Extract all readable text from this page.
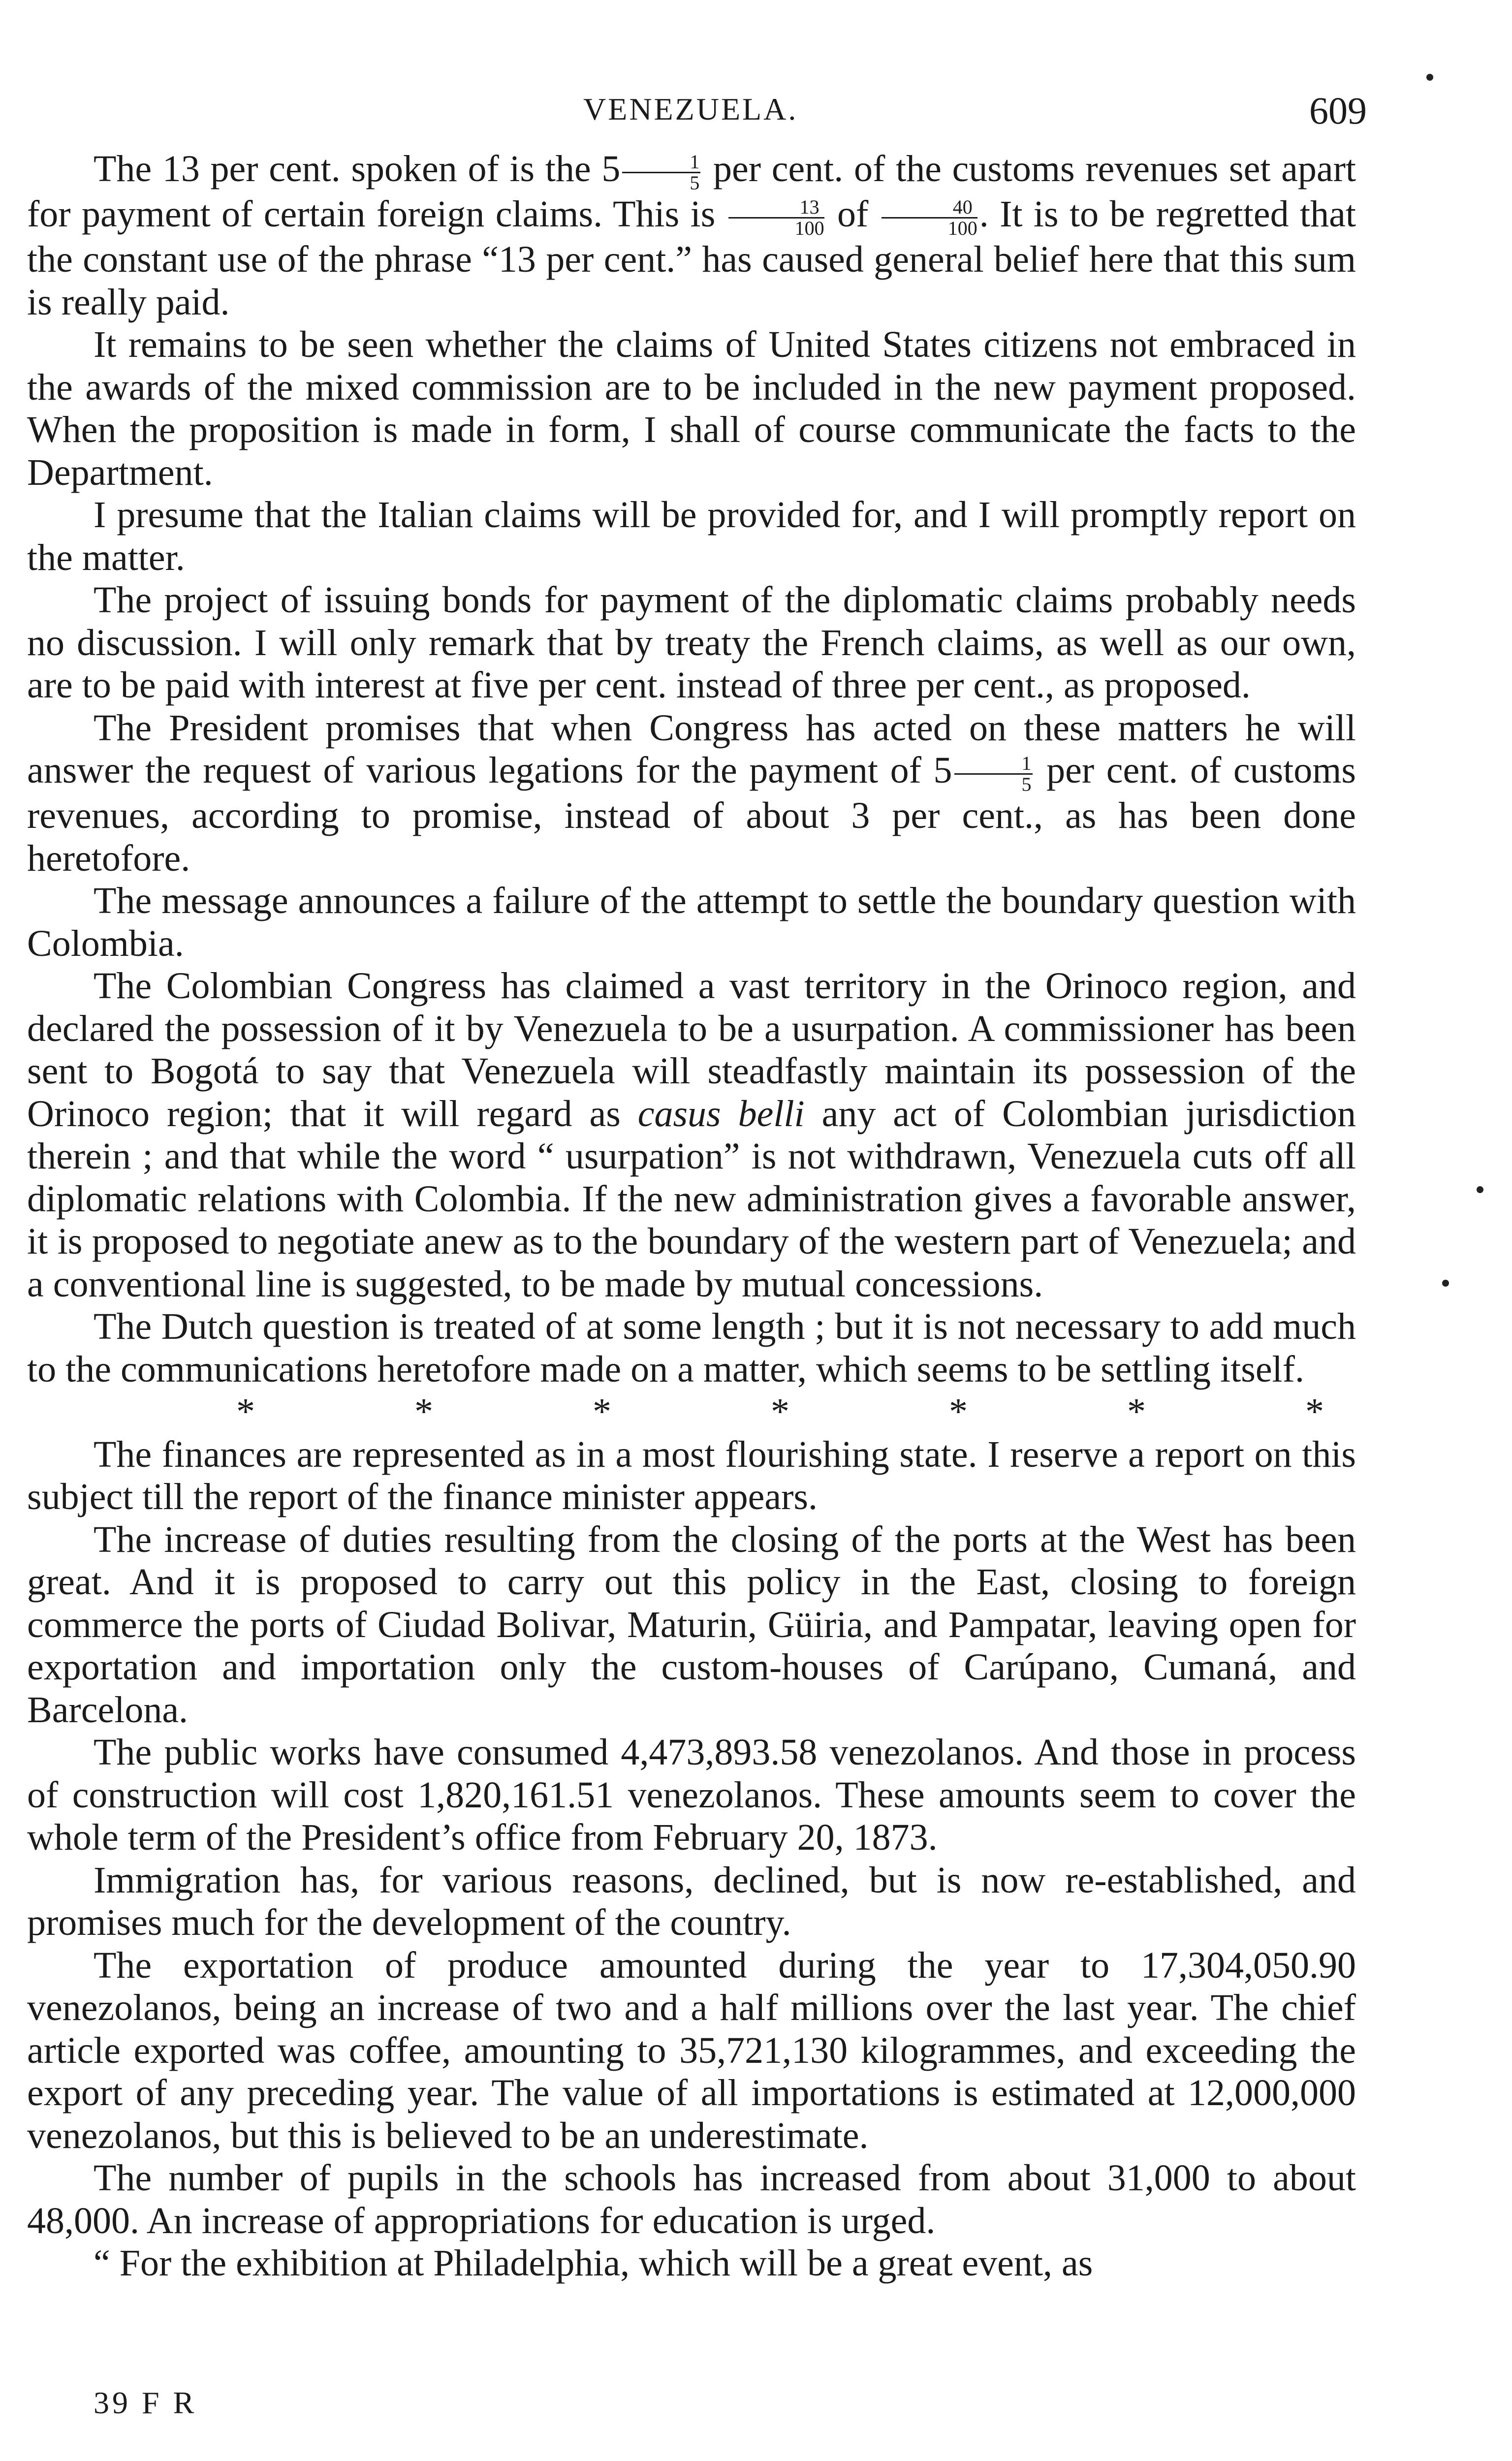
VENEZUELA.	609

The 13 per cent. spoken of is the $5 \frac{1}{5}$ per cent. of the customs revenues set apart for payment of certain foreign claims. This is $\frac{13}{100}$ of $\frac{40}{100}$ . It is to be regretted that the constant use of the phrase “13 per cent.” has caused general belief here that this sum is really paid.

It remains to be seen whether the claims of United States citizens not embraced in the awards of the mixed commission are to be included in the new payment proposed. When the proposition is made in form, I shall of course communicate the facts to the Department.

I presume that the Italian claims will be provided for, and I will promptly report on the matter.

The project of issuing bonds for payment of the diplomatic claims probably needs no discussion. I will only remark that by treaty the French claims, as well as our own, are to be paid with interest at five per cent. instead of three per cent., as proposed.

The President promises that when Congress has acted on these matters he will answer the request of various legations for the payment of $5 \frac{1}{5}$ per cent. of customs revenues, according to promise, instead of about 3 per cent., as has been done heretofore.

The message announces a failure of the attempt to settle the boundary question with Colombia.

The Colombian Congress has claimed a vast territory in the Orinoco region, and declared the possession of it by Venezuela to be a usurpation. A commissioner has been sent to Bogotá to say that Venezuela will steadfastly maintain its possession of the Orinoco region; that it will regard as casus belli any act of Colombian jurisdiction therein ; and that while the word “ usurpation” is not withdrawn, Venezuela cuts off all diplomatic relations with Colombia. If the new administration gives a favorable answer, it is proposed to negotiate anew as to the boundary of the western part of Venezuela; and a conventional line is suggested, to be made by mutual concessions.

The Dutch question is treated of at some length ; but it is not necessary to add much to the communications heretofore made on a matter, which seems to be settling itself.

*	*	*	*	*	*	*

The finances are represented as in a most flourishing state. I reserve a report on this subject till the report of the finance minister appears.

The increase of duties resulting from the closing of the ports at the West has been great. And it is proposed to carry out this policy in the East, closing to foreign commerce the ports of Ciudad Bolivar, Maturin, Güiria, and Pampatar, leaving open for exportation and importation only the custom-houses of Carúpano, Cumaná, and Barcelona.

The public works have consumed 4,473,893.58 venezolanos. And those in process of construction will cost 1,820,161.51 venezolanos. These amounts seem to cover the whole term of the President’s office from February 20, 1873.

Immigration has, for various reasons, declined, but is now re-established, and promises much for the development of the country.

The exportation of produce amounted during the year to 17,304,050.90 venezolanos, being an increase of two and a half millions over the last year. The chief article exported was coffee, amounting to 35,721,130 kilogrammes, and exceeding the export of any preceding year. The value of all importations is estimated at 12,000,000 venezolanos, but this is believed to be an underestimate.

The number of pupils in the schools has increased from about 31,000 to about 48,000. An increase of appropriations for education is urged.

“ For the exhibition at Philadelphia, which will be a great event, as

39 F R
